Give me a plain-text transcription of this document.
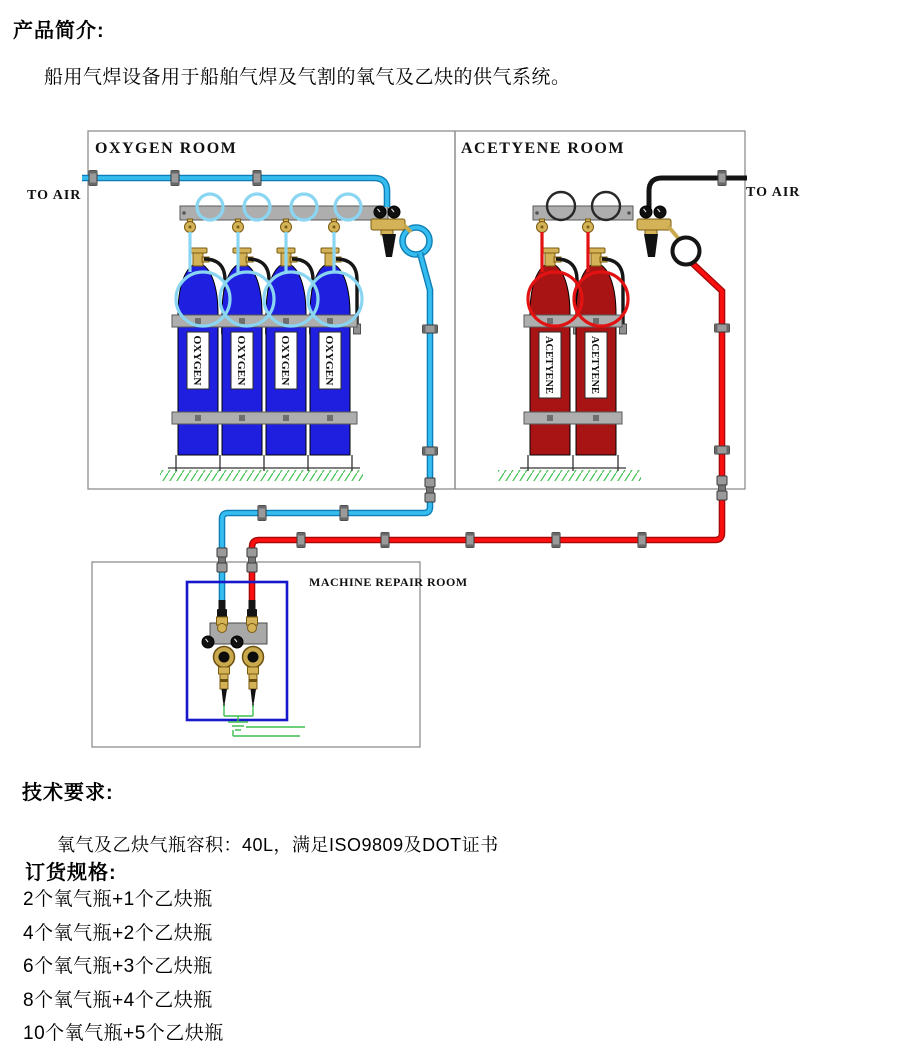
产品简介:
船用气焊设备用于船舶气焊及气割的氧气及乙炔的供气系统。
技术要求:
氧气及乙炔气瓶容积：40L，满足ISO9809及DOT证书
订货规格:
2个氧气瓶+1个乙炔瓶
4个氧气瓶+2个乙炔瓶
6个氧气瓶+3个乙炔瓶
8个氧气瓶+4个乙炔瓶
10个氧气瓶+5个乙炔瓶
OXYGEN ROOM	ACETYENE ROOM
TO AIR	TO AIR
OXYGEN	OXYGEN	OXYGEN	OXYGEN	ACETYENE	ACETYENE
MACHINE REPAIR ROOM
